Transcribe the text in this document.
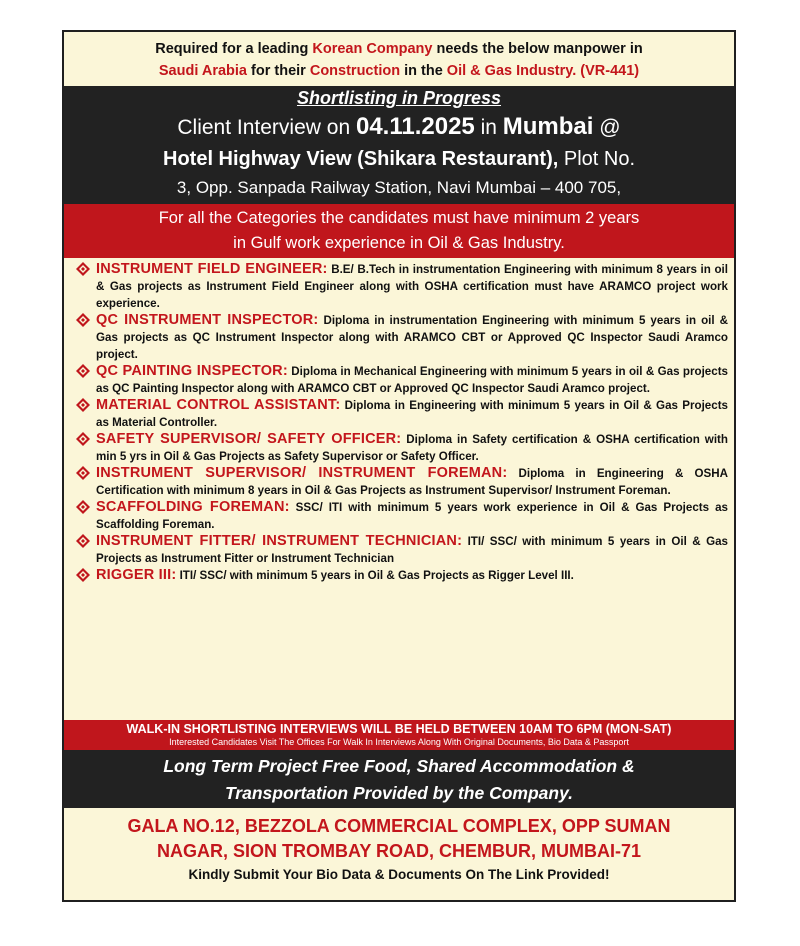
Required for a leading Korean Company needs the below manpower in
Saudi Arabia for their Construction in the Oil & Gas Industry. (VR-441)
Shortlisting in Progress
Client Interview on 04.11.2025 in Mumbai @
Hotel Highway View (Shikara Restaurant), Plot No.
3, Opp. Sanpada Railway Station, Navi Mumbai – 400 705,
For all the Categories the candidates must have minimum 2 years
in Gulf work experience in Oil & Gas Industry.
INSTRUMENT FIELD ENGINEER: B.E/ B.Tech in instrumentation Engineering with minimum 8 years in oil & Gas projects as Instrument Field Engineer along with OSHA certification must have ARAMCO project work experience.
QC INSTRUMENT INSPECTOR: Diploma in instrumentation Engineering with minimum 5 years in oil & Gas projects as QC Instrument Inspector along with ARAMCO CBT or Approved QC Inspector Saudi Aramco project.
QC PAINTING INSPECTOR: Diploma in Mechanical Engineering with minimum 5 years in oil & Gas projects as QC Painting Inspector along with ARAMCO CBT or Approved QC Inspector Saudi Aramco project.
MATERIAL CONTROL ASSISTANT: Diploma in Engineering with minimum 5 years in Oil & Gas Projects as Material Controller.
SAFETY SUPERVISOR/ SAFETY OFFICER: Diploma in Safety certification & OSHA certification with min 5 yrs in Oil & Gas Projects as Safety Supervisor or Safety Officer.
INSTRUMENT SUPERVISOR/ INSTRUMENT FOREMAN: Diploma in Engineering & OSHA Certification with minimum 8 years in Oil & Gas Projects as Instrument Supervisor/ Instrument Foreman.
SCAFFOLDING FOREMAN: SSC/ ITI with minimum 5 years work experience in Oil & Gas Projects as Scaffolding Foreman.
INSTRUMENT FITTER/ INSTRUMENT TECHNICIAN: ITI/ SSC/ with minimum 5 years in Oil & Gas Projects as Instrument Fitter or Instrument Technician
RIGGER III: ITI/ SSC/ with minimum 5 years in Oil & Gas Projects as Rigger Level III.
WALK-IN SHORTLISTING INTERVIEWS WILL BE HELD BETWEEN 10AM TO 6PM (MON-SAT)
Interested Candidates Visit The Offices For Walk In Interviews Along With Original Documents, Bio Data & Passport
Long Term Project Free Food, Shared Accommodation &
Transportation Provided by the Company.
GALA NO.12, BEZZOLA COMMERCIAL COMPLEX, OPP SUMAN
NAGAR, SION TROMBAY ROAD, CHEMBUR, MUMBAI-71
Kindly Submit Your Bio Data & Documents On The Link Provided!
